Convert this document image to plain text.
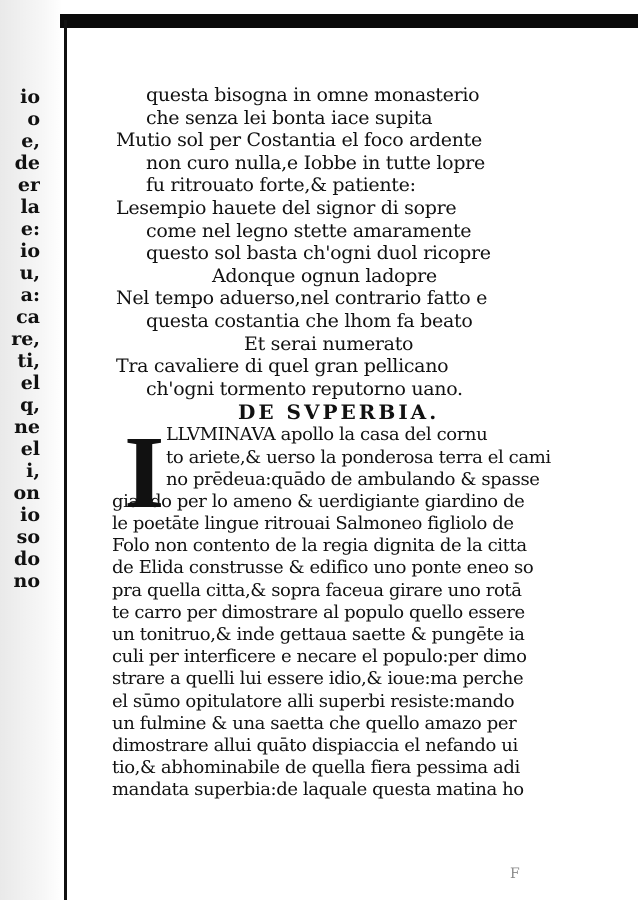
io
o
e,
de
er
la
e:
io
u,
a:
ca
re,
ti,
el
q,
ne
el
i,
on
io
so
do
no
questa bisogna in omne monasterio
che senza lei bonta iace supita
Mutio sol per Costantia el foco ardente
non curo nulla,e Iobbe in tutte lopre
fu ritrouato forte,& patiente:
Lesempio hauete del signor di sopre
come nel legno stette amaramente
questo sol basta ch'ogni duol ricopre
Adonque ognun ladopre
Nel tempo aduerso,nel contrario fatto e
questa costantia che lhom fa beato
Et serai numerato
Tra cavaliere di quel gran pellicano
ch'ogni tormento reputorno uano.
DE SVPERBIA.
I LLVMINAVA apollo la casa del cornu
to ariete,& uerso la ponderosa terra el cami
no prēdeua:quādo de ambulando & spasse
giando per lo ameno & uerdigiante giardino de
le poetāte lingue ritrouai Salmoneo figliolo de
Folo non contento de la regia dignita de la citta
de Elida construsse & edifico uno ponte eneo so
pra quella citta,& sopra faceua girare uno rotā
te carro per dimostrare al populo quello essere
un tonitruo,& inde gettaua saette & pungēte ia
culi per interficere e necare el populo:per dimo
strare a quelli lui essere idio,& ioue:ma perche
el sūmo opitulatore alli superbi resiste:mando
un fulmine & una saetta che quello amazo per
dimostrare allui quāto dispiaccia el nefando ui
tio,& abhominabile de quella fiera pessima adi
mandata superbia:de laquale questa matina ho
F
